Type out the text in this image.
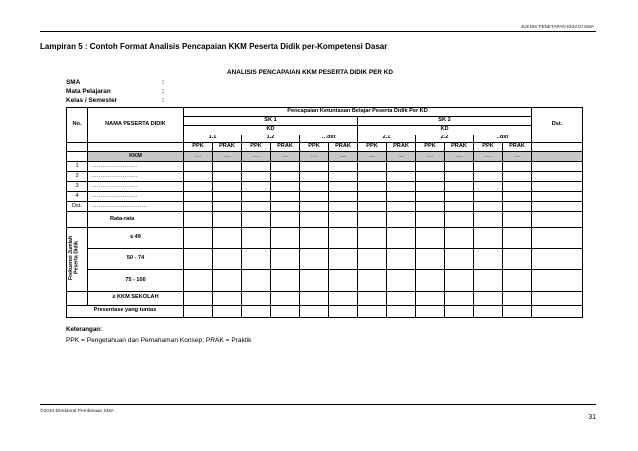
JUKNIS PENETAPAN KKM DI SMA
Lampiran 5 : Contoh Format Analisis Pencapaian KKM Peserta Didik per-Kompetensi Dasar
ANALISIS PENCAPAIAN KKM PESERTA DIDIK PER KD
SMA	:
Mata Pelajaran	:
Kelas / Semester	:
No.	NAMA PESERTA DIDIK	Pencapaian Ketuntasan Belajar Peserta Didik Per KD												Dst.
		SK 1						SK 2						
		KD						KD						
		1.1		1.2		…dst		2.1		2.2		..dst		
		PPK	PRAK	PPK	PRAK	PPK	PRAK	PPK	PRAK	PPK	PRAK	PPK	PRAK	
	KKM	….	….	….	….	….	….	….	….	….	….	….	….	
1	…………………….													
2	…………………….													
3	…………………….													
4	…………………….													
Dst.	…………………………													
	Rata-rata													
Frekuensi Jumlah Peserta Didik	≤ 49													
	50 - 74													
	75 - 100													
	≥ KKM SEKOLAH													
Presentase yang tuntas														
Keterangan:
PPK = Pengetahuan dan Pemahaman Konsep; PRAK = Praktik
©2010-Direktorat Pembinaan SMA
31
